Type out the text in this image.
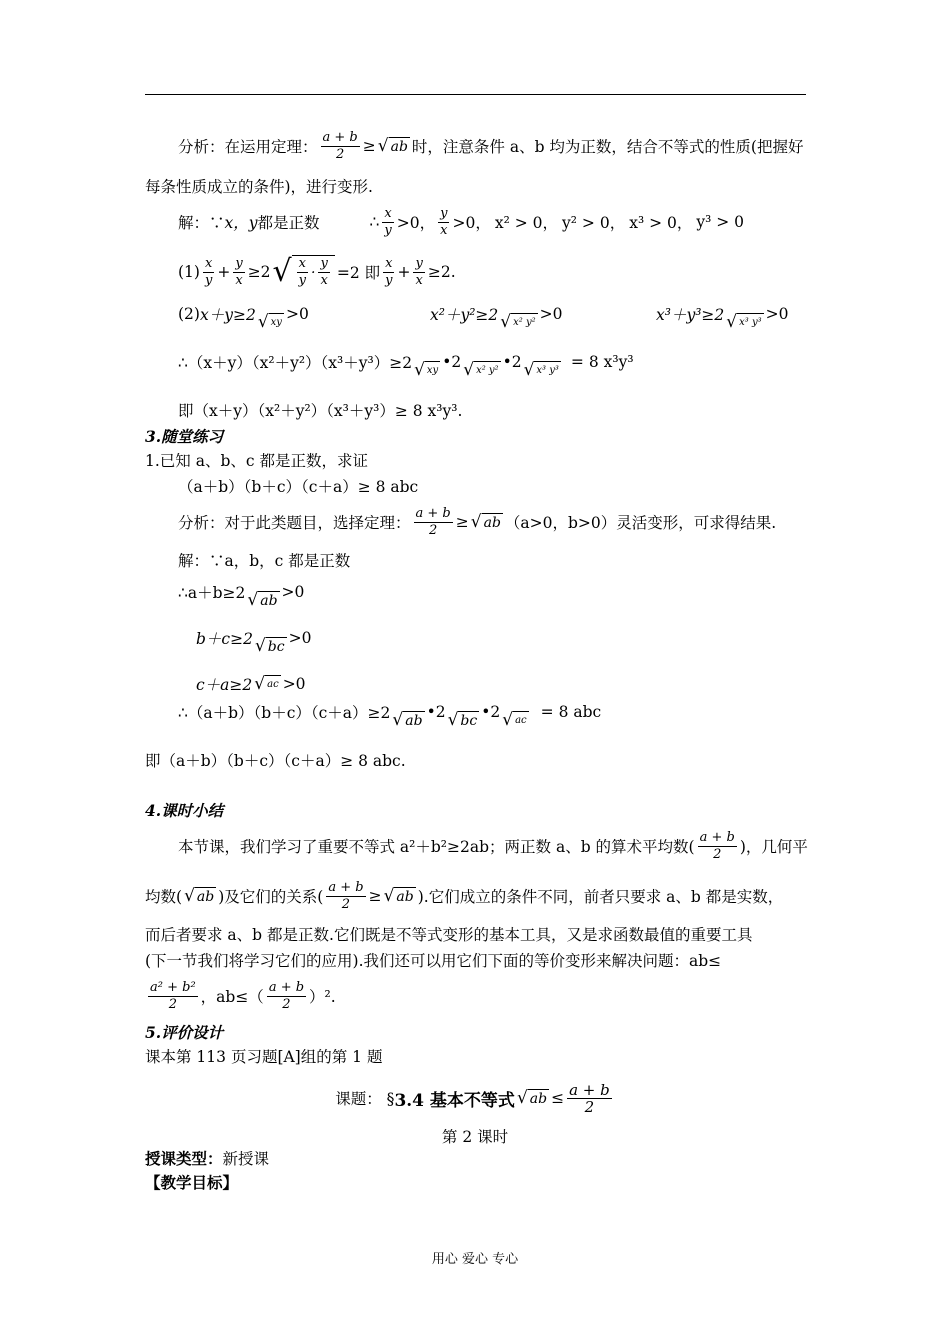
分析：在运用定理： $\frac{a + b}{2}$ ≥ √ ab 时，注意条件 a、b 均为正数，结合不等式的性质(把握好
每条性质成立的条件)，进行变形.
解：∵ x，y 都是正数	∴ $\frac{x}{y} >0$， $\frac{y}{x} >0$， x² > 0， y² > 0， x³ > 0， y³ > 0
$(1) \frac{x}{y} + \frac{y}{x} \ge 2$ √ $\frac{x}{y} \cdot \frac{y}{x} =2$ 即 $\frac{x}{y} + \frac{y}{x} \ge 2$.
(2) x＋y≥2 √ xy >0	x²＋y²≥2 √ x² y² >0	x³＋y³≥2 √ x³ y³ >0
∴（x＋y）（x²＋y²）（x³＋y³）≥2 √ xy •2 √ x² y² •2 √ x³ y³ = 8 x³y³
即（x＋y）（x²＋y²）（x³＋y³）≥ 8 x³y³.
3.随堂练习
1.已知 a、b、c 都是正数，求证
（a＋b）（b＋c）（c＋a）≥ 8 abc
分析：对于此类题目，选择定理： $\frac{a + b}{2}$ ≥ √ ab （a>0，b>0）灵活变形，可求得结果.
解：∵a，b，c 都是正数
∴a＋b≥2 √ ab >0
b＋c≥2 √ bc >0
c＋a≥2 √ ac >0
∴（a＋b）（b＋c）（c＋a）≥2 √ ab •2 √ bc •2 √ ac = 8 abc
即（a＋b）（b＋c）（c＋a）≥ 8 abc.
4.课时小结
本节课，我们学习了重要不等式 a²＋b²≥2ab；两正数 a、b 的算术平均数( $\frac{a + b}{2}$ )，几何平
均数( √ ab )及它们的关系( $\frac{a + b}{2}$ ≥ √ ab ).它们成立的条件不同，前者只要求 a、b 都是实数，
而后者要求 a、b 都是正数.它们既是不等式变形的基本工具，又是求函数最值的重要工具
(下一节我们将学习它们的应用).我们还可以用它们下面的等价变形来解决问题：ab≤
$\frac{\text{a² + b²}}{2}$ ，$ab\le( \frac{a + b}{2} )^2$.
5.评价设计
课本第 113 页习题[A]组的第 1 题
课题： § 3.4 基本不等式 √ ab ≤ $\frac{a + b}{2}$
第 2 课时
授课类型： 新授课
【教学目标】
用心 爱心 专心
